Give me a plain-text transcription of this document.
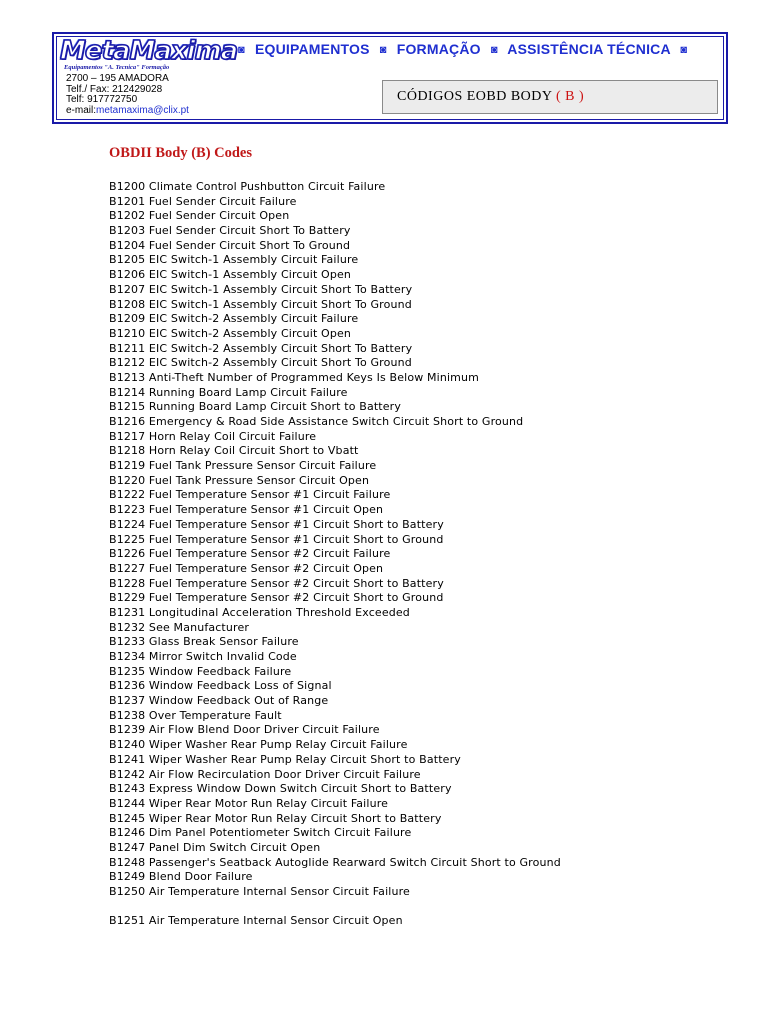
MetaMaxima
Equipamentos "A. Tecnica" Formação
◙ EQUIPAMENTOS ◙ FORMAÇÃO ◙ ASSISTÊNCIA TÉCNICA ◙
2700 – 195 AMADORA
Telf./ Fax: 212429028
Telf: 917772750
e-mail:metamaxima@clix.pt
CÓDIGOS EOBD BODY ( B )
OBDII Body (B) Codes
B1200 Climate Control Pushbutton Circuit Failure
B1201 Fuel Sender Circuit Failure
B1202 Fuel Sender Circuit Open
B1203 Fuel Sender Circuit Short To Battery
B1204 Fuel Sender Circuit Short To Ground
B1205 EIC Switch-1 Assembly Circuit Failure
B1206 EIC Switch-1 Assembly Circuit Open
B1207 EIC Switch-1 Assembly Circuit Short To Battery
B1208 EIC Switch-1 Assembly Circuit Short To Ground
B1209 EIC Switch-2 Assembly Circuit Failure
B1210 EIC Switch-2 Assembly Circuit Open
B1211 EIC Switch-2 Assembly Circuit Short To Battery
B1212 EIC Switch-2 Assembly Circuit Short To Ground
B1213 Anti-Theft Number of Programmed Keys Is Below Minimum
B1214 Running Board Lamp Circuit Failure
B1215 Running Board Lamp Circuit Short to Battery
B1216 Emergency & Road Side Assistance Switch Circuit Short to Ground
B1217 Horn Relay Coil Circuit Failure
B1218 Horn Relay Coil Circuit Short to Vbatt
B1219 Fuel Tank Pressure Sensor Circuit Failure
B1220 Fuel Tank Pressure Sensor Circuit Open
B1222 Fuel Temperature Sensor #1 Circuit Failure
B1223 Fuel Temperature Sensor #1 Circuit Open
B1224 Fuel Temperature Sensor #1 Circuit Short to Battery
B1225 Fuel Temperature Sensor #1 Circuit Short to Ground
B1226 Fuel Temperature Sensor #2 Circuit Failure
B1227 Fuel Temperature Sensor #2 Circuit Open
B1228 Fuel Temperature Sensor #2 Circuit Short to Battery
B1229 Fuel Temperature Sensor #2 Circuit Short to Ground
B1231 Longitudinal Acceleration Threshold Exceeded
B1232 See Manufacturer
B1233 Glass Break Sensor Failure
B1234 Mirror Switch Invalid Code
B1235 Window Feedback Failure
B1236 Window Feedback Loss of Signal
B1237 Window Feedback Out of Range
B1238 Over Temperature Fault
B1239 Air Flow Blend Door Driver Circuit Failure
B1240 Wiper Washer Rear Pump Relay Circuit Failure
B1241 Wiper Washer Rear Pump Relay Circuit Short to Battery
B1242 Air Flow Recirculation Door Driver Circuit Failure
B1243 Express Window Down Switch Circuit Short to Battery
B1244 Wiper Rear Motor Run Relay Circuit Failure
B1245 Wiper Rear Motor Run Relay Circuit Short to Battery
B1246 Dim Panel Potentiometer Switch Circuit Failure
B1247 Panel Dim Switch Circuit Open
B1248 Passenger's Seatback Autoglide Rearward Switch Circuit Short to Ground
B1249 Blend Door Failure
B1250 Air Temperature Internal Sensor Circuit Failure
B1251 Air Temperature Internal Sensor Circuit Open
